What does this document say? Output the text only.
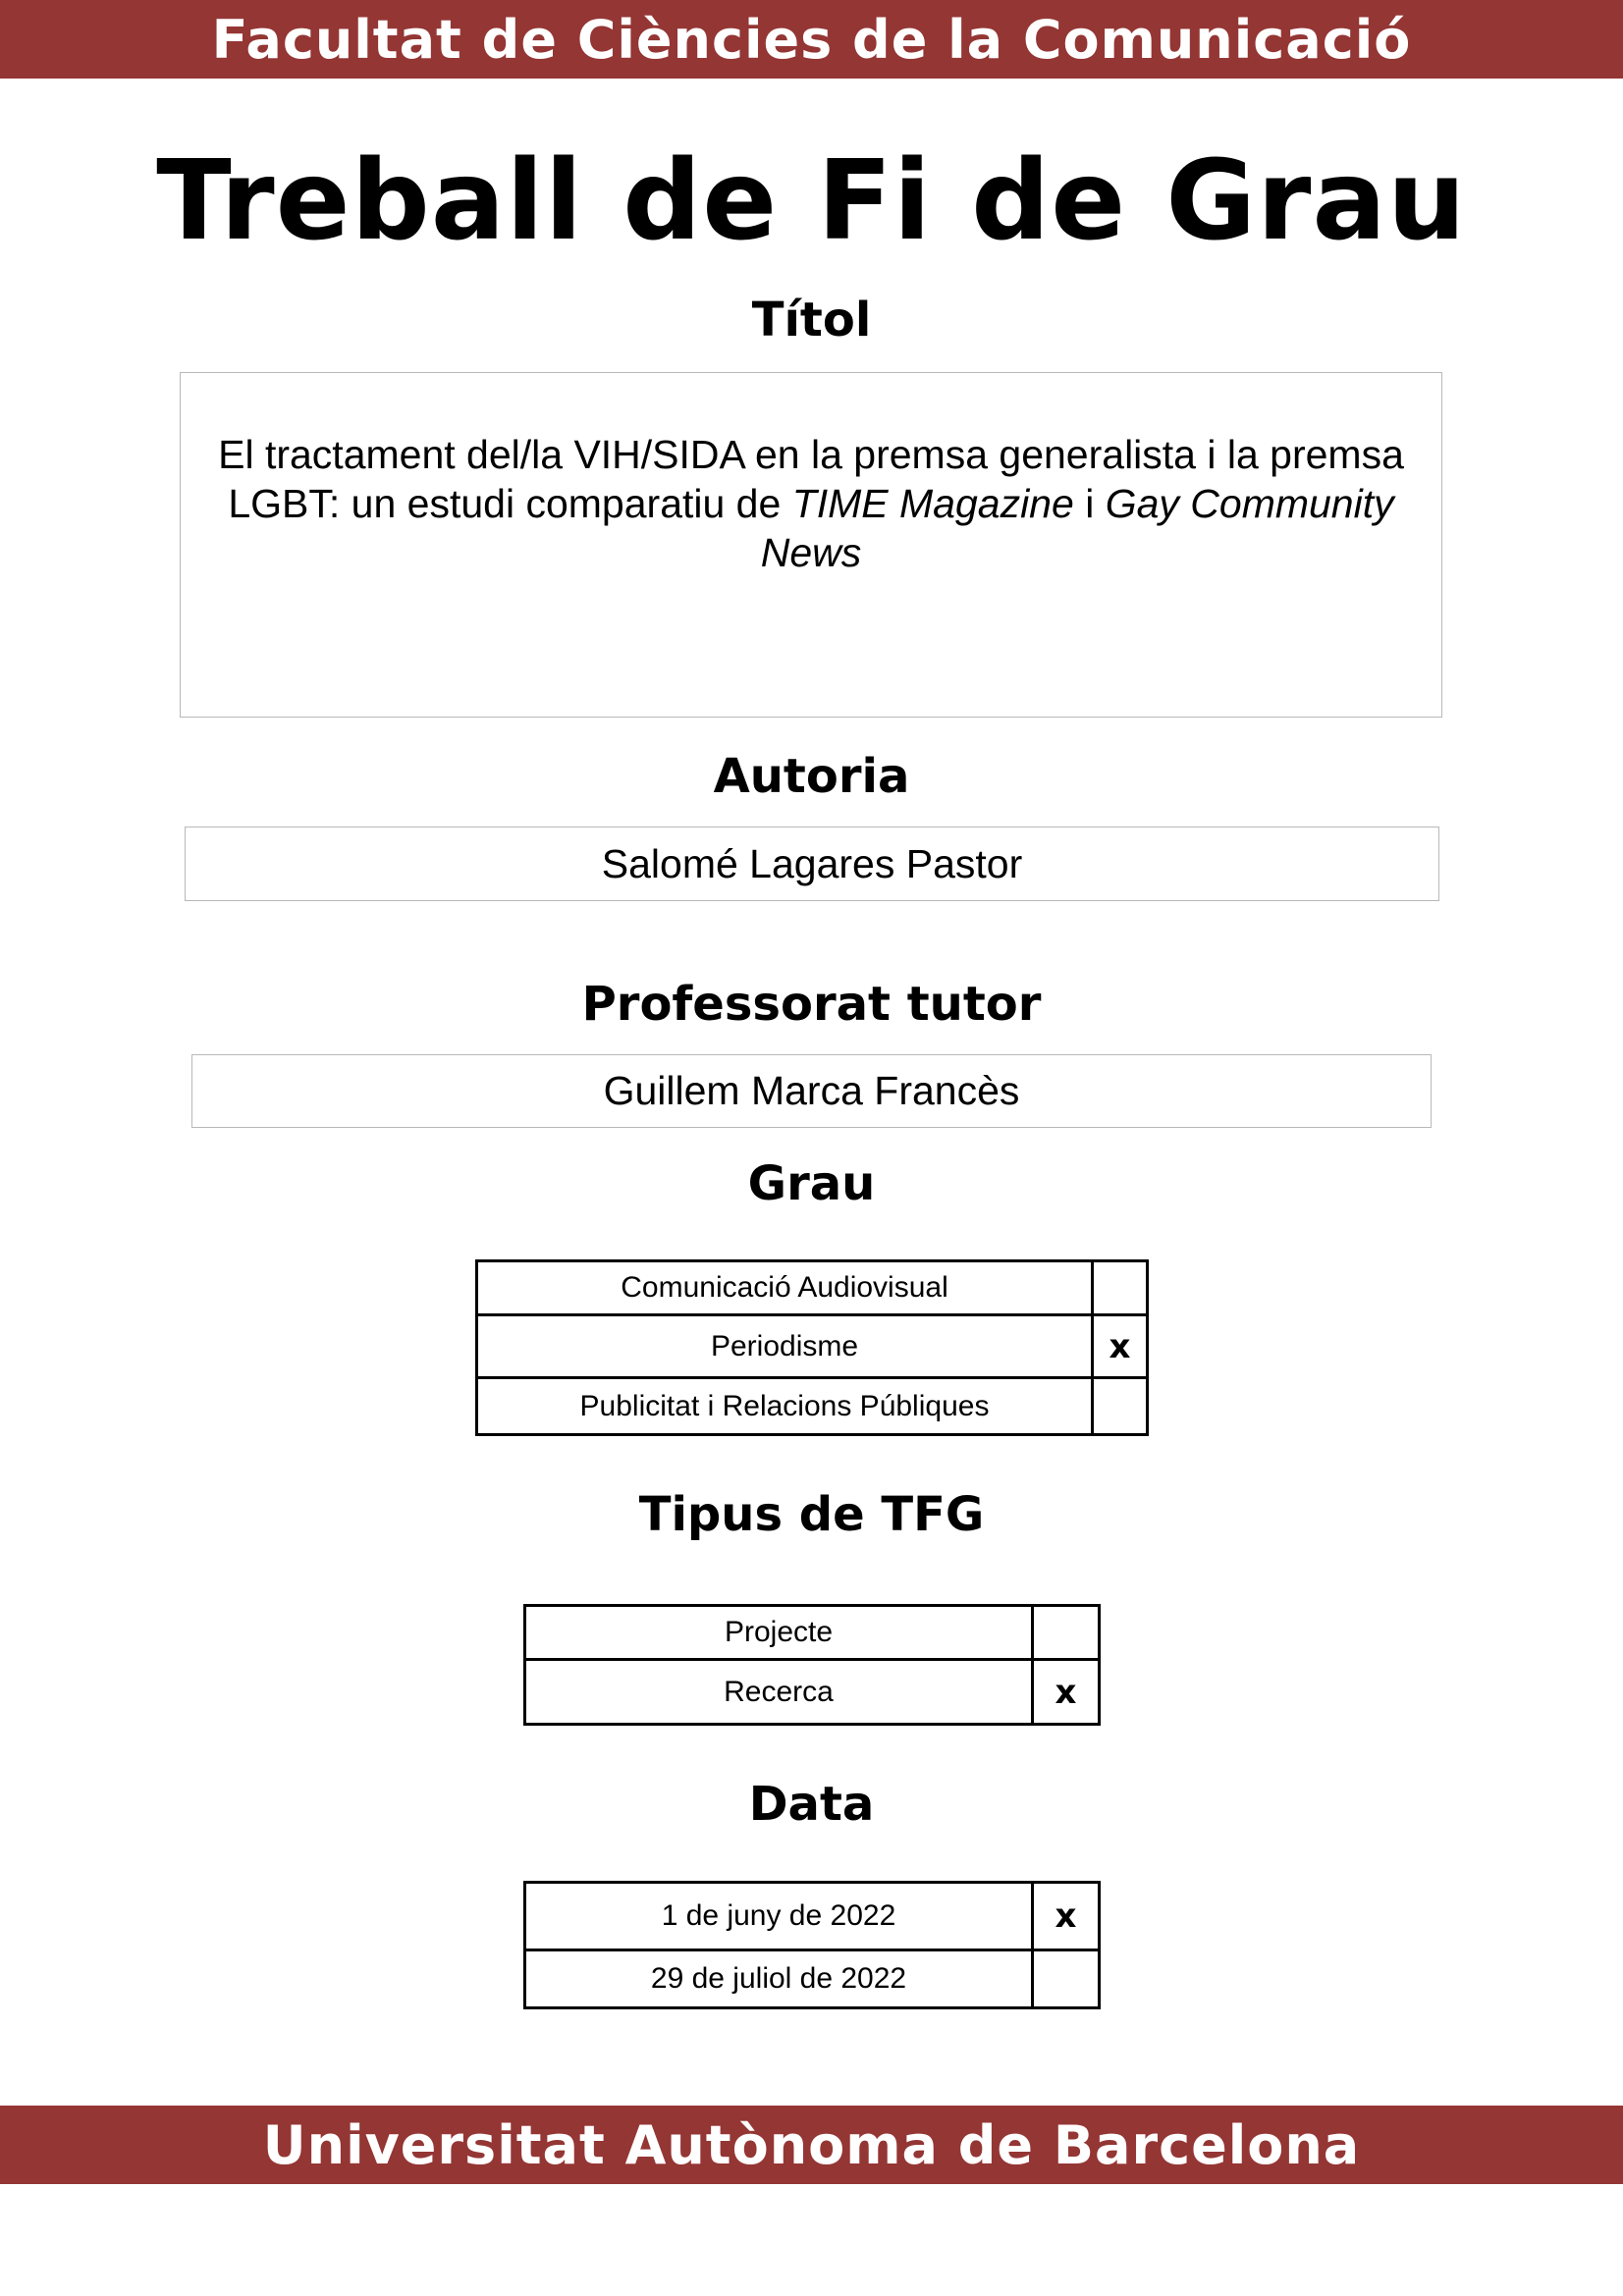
Facultat de Ciències de la Comunicació
Treball de Fi de Grau
Títol

El tractament del/la VIH/SIDA en la premsa generalista i la premsa LGBT: un estudi comparatiu de TIME Magazine i Gay Community News

Autoria
Salomé Lagares Pastor
Professorat tutor
Guillem Marca Francès
Grau
Comunicació Audiovisual	
Periodisme	x
Publicitat i Relacions Públiques	
Tipus de TFG
Projecte	
Recerca	x
Data
1 de juny de 2022	x
29 de juliol de 2022	
Universitat Autònoma de Barcelona
